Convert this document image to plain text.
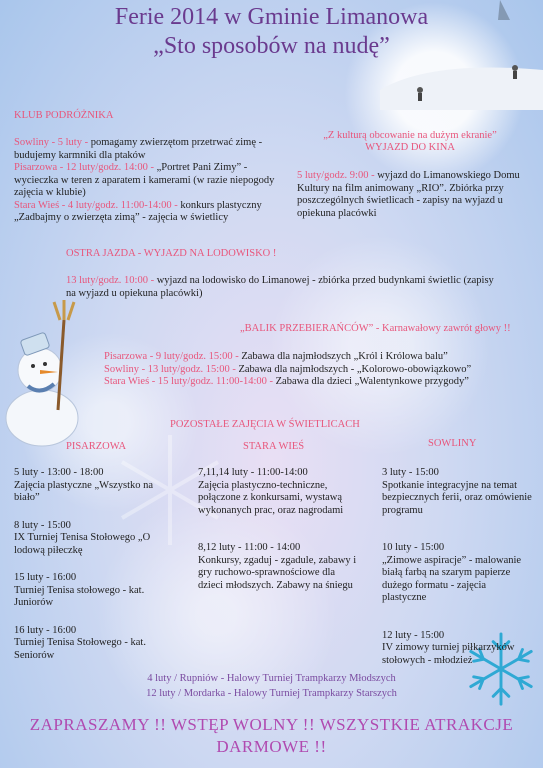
Ferie 2014 w Gminie Limanowa
„Sto sposobów na nudę”
KLUB PODRÓŻNIKA
Sowliny - 5 luty - pomagamy zwierzętom przetrwać zimę - budujemy karmniki dla ptaków
Pisarzowa - 12 luty/godz. 14:00 - „Portret Pani Zimy” - wycieczka w teren z aparatem i kamerami (w razie niepogody zajęcia w klubie)
Stara Wieś - 4 luty/godz. 11:00-14:00 - konkurs plastyczny „Zadbajmy o zwierzęta zimą” - zajęcia w świetlicy
„Z kulturą obcowanie na dużym ekranie”
WYJAZD DO KINA
5 luty/godz. 9:00 - wyjazd do Limanowskiego Domu Kultury na film animowany „RIO”. Zbiórka przy poszczególnych świetlicach - zapisy na wyjazd u opiekuna placówki
OSTRA JAZDA - WYJAZD NA LODOWISKO !
13 luty/godz. 10:00 - wyjazd na lodowisko do Limanowej - zbiórka przed budynkami świetlic (zapisy na wyjazd u opiekuna placówki)
„BALIK PRZEBIERAŃCÓW” - Karnawałowy zawrót głowy !!
Pisarzowa - 9 luty/godz. 15:00 - Zabawa dla najmłodszych „Król i Królowa balu”
Sowliny - 13 luty/godz. 15:00 - Zabawa dla najmłodszych - „Kolorowo-obowiązkowo”
Stara Wieś - 15 luty/godz. 11:00-14:00 - Zabawa dla dzieci „Walentynkowe przygody”
POZOSTAŁE ZAJĘCIA W ŚWIETLICACH
PISARZOWA	STARA WIEŚ	SOWLINY
5 luty - 13:00 - 18:00
Zajęcia plastyczne „Wszystko na biało”
8 luty - 15:00
IX Turniej Tenisa Stołowego „O lodową piłeczkę
15 luty - 16:00
Turniej Tenisa stołowego - kat. Juniorów
16 luty - 16:00
Turniej Tenisa Stołowego - kat. Seniorów
7,11,14 luty - 11:00-14:00
Zajęcia plastyczno-techniczne, połączone z konkursami, wystawą wykonanych prac, oraz nagrodami
8,12 luty - 11:00 - 14:00
Konkursy, zgaduj - zgadule, zabawy i gry ruchowo-sprawnościowe dla dzieci młodszych. Zabawy na śniegu
3 luty - 15:00
Spotkanie integracyjne na temat bezpiecznych ferii, oraz omówienie programu
10 luty - 15:00
„Zimowe aspiracje” - malowanie białą farbą na szarym papierze dużego formatu - zajęcia plastyczne
12 luty - 15:00
IV zimowy turniej piłkarzyków stołowych - młodzież
4 luty / Rupniów - Halowy Turniej Trampkarzy Młodszych
12 luty / Mordarka - Halowy Turniej Trampkarzy Starszych
ZAPRASZAMY !! WSTĘP WOLNY !! WSZYSTKIE ATRAKCJE DARMOWE !!
